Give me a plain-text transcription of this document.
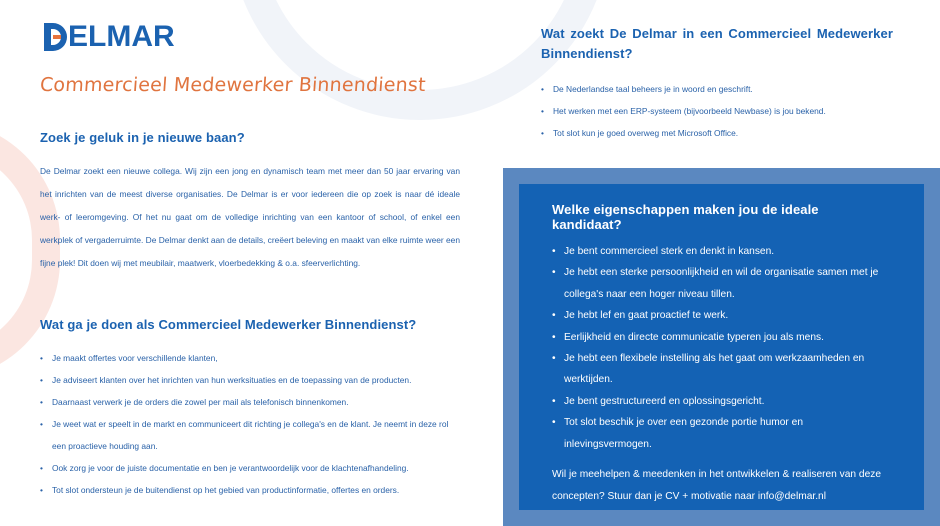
ELMAR
Commercieel Medewerker Binnendienst
Zoek je geluk in je nieuwe baan?

De Delmar zoekt een nieuwe collega. Wij zijn een jong en dynamisch team met meer dan 50 jaar ervaring van het inrichten van de meest diverse organisaties. De Delmar is er voor iedereen die op zoek is naar dé ideale werk- of leeromgeving. Of het nu gaat om de volledige inrichting van een kantoor of school, of enkel een werkplek of vergaderruimte. De Delmar denkt aan de details, creëert beleving en maakt van elke ruimte weer een fijne plek! Dit doen wij met meubilair, maatwerk, vloerbedekking & o.a. sfeerverlichting.

Wat ga je doen als Commercieel Medewerker Binnendienst?
• Je maakt offertes voor verschillende klanten,
• Je adviseert klanten over het inrichten van hun werksituaties en de toepassing van de producten.
• Daarnaast verwerk je de orders die zowel per mail als telefonisch binnenkomen.
• Je weet wat er speelt in de markt en communiceert dit richting je collega's en de klant. Je neemt in deze rol een proactieve houding aan.
• Ook zorg je voor de juiste documentatie en ben je verantwoordelijk voor de klachtenafhandeling.
• Tot slot ondersteun je de buitendienst op het gebied van productinformatie, offertes en orders.
Wat zoekt De Delmar in een Commercieel Medewerker Binnendienst?
• De Nederlandse taal beheers je in woord en geschrift.
• Het werken met een ERP-systeem (bijvoorbeeld Newbase) is jou bekend.
• Tot slot kun je goed overweg met Microsoft Office.
Welke eigenschappen maken jou de ideale kandidaat?
• Je bent commercieel sterk en denkt in kansen.
• Je hebt een sterke persoonlijkheid en wil de organisatie samen met je collega's naar een hoger niveau tillen.
• Je hebt lef en gaat proactief te werk.
• Eerlijkheid en directe communicatie typeren jou als mens.
• Je hebt een flexibele instelling als het gaat om werkzaamheden en werktijden.
• Je bent gestructureerd en oplossingsgericht.
• Tot slot beschik je over een gezonde portie humor en inlevingsvermogen.

Wil je meehelpen & meedenken in het ontwikkelen & realiseren van deze concepten? Stuur dan je CV + motivatie naar info@delmar.nl
